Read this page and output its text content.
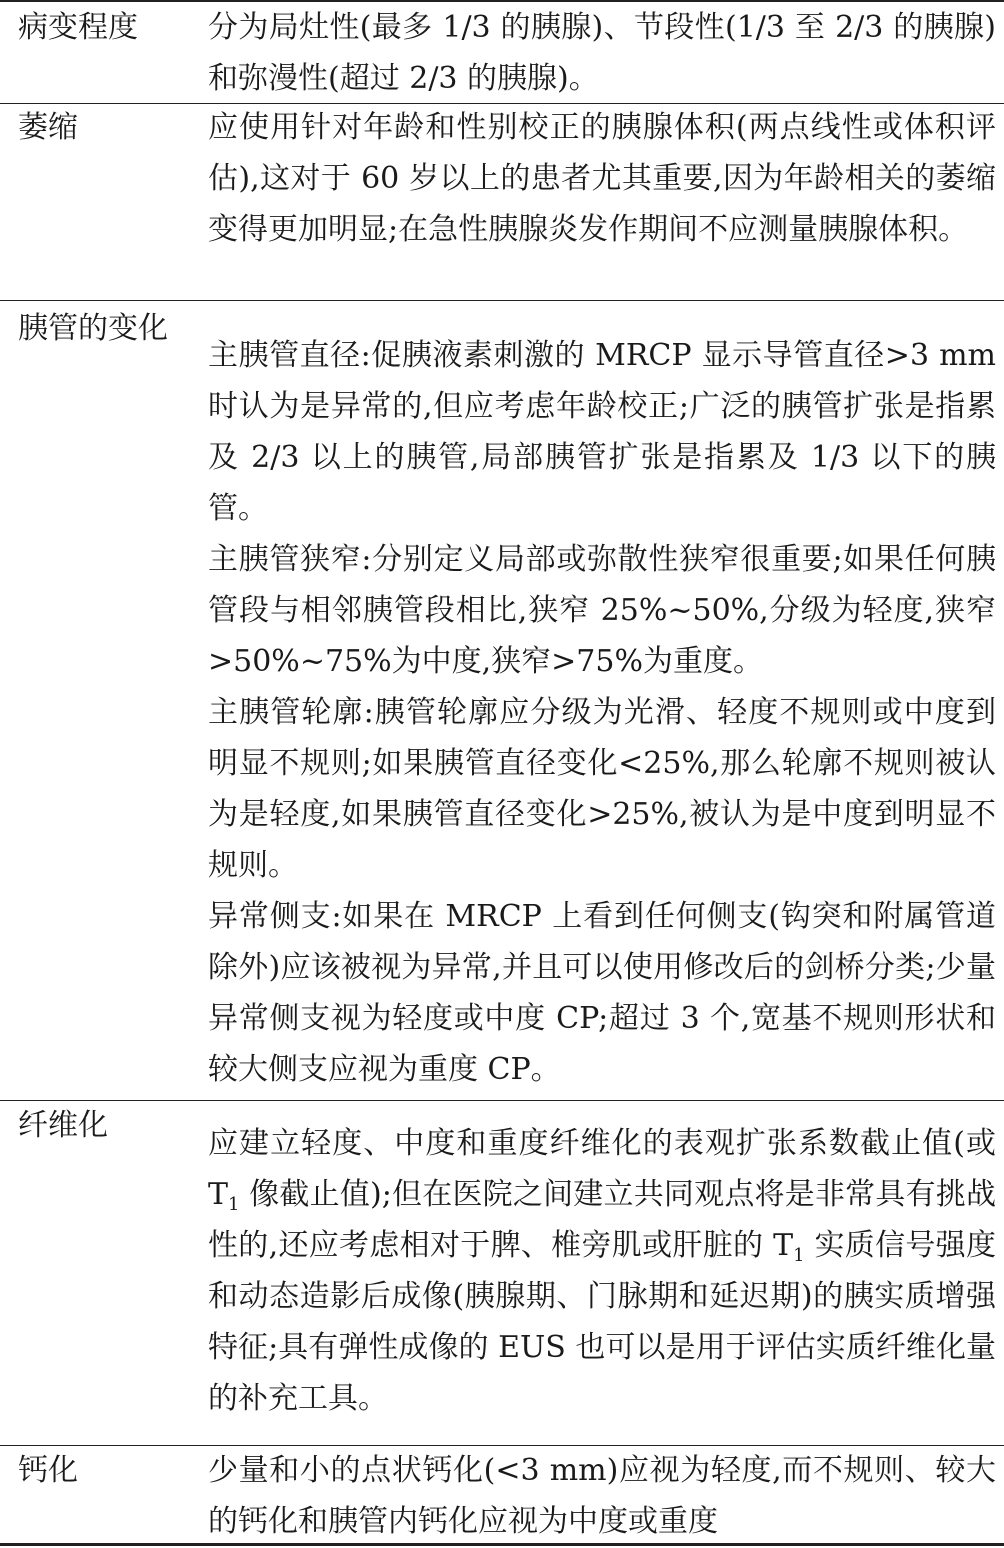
病变程度 分为局灶性(最多 1/3 的胰腺)、节段性(1/3 至 2/3 的胰腺)和弥漫性(超过 2/3 的胰腺)。

萎缩	应使用针对年龄和性别校正的胰腺体积(两点线性或体积评估),这对于 60 岁以上的患者尤其重要,因为年龄相关的萎缩变得更加明显;在急性胰腺炎发作期间不应测量胰腺体积。

胰管的变化

主胰管直径:促胰液素刺激的 MRCP 显示导管直径>3 mm 时认为是异常的,但应考虑年龄校正;广泛的胰管扩张是指累及 2/3 以上的胰管,局部胰管扩张是指累及 1/3 以下的胰管。

主胰管狭窄:分别定义局部或弥散性狭窄很重要;如果任何胰管段与相邻胰管段相比,狭窄 25%~50%,分级为轻度,狭窄>50%~75%为中度,狭窄>75%为重度。

主胰管轮廓:胰管轮廓应分级为光滑、轻度不规则或中度到明显不规则;如果胰管直径变化<25%,那么轮廓不规则被认为是轻度,如果胰管直径变化>25%,被认为是中度到明显不规则。

异常侧支:如果在 MRCP 上看到任何侧支(钩突和附属管道除外)应该被视为异常,并且可以使用修改后的剑桥分类;少量异常侧支视为轻度或中度 CP;超过 3 个,宽基不规则形状和较大侧支应视为重度 CP。

纤维化

应建立轻度、中度和重度纤维化的表观扩张系数截止值(或 $T_1$ 像截止值);但在医院之间建立共同观点将是非常具有挑战性的,还应考虑相对于脾、椎旁肌或肝脏的 $T_1$ 实质信号强度和动态造影后成像(胰腺期、门脉期和延迟期)的胰实质增强特征;具有弹性成像的 EUS 也可以是用于评估实质纤维化量的补充工具。

钙化	少量和小的点状钙化(<3 mm)应视为轻度,而不规则、较大的钙化和胰管内钙化应视为中度或重度
